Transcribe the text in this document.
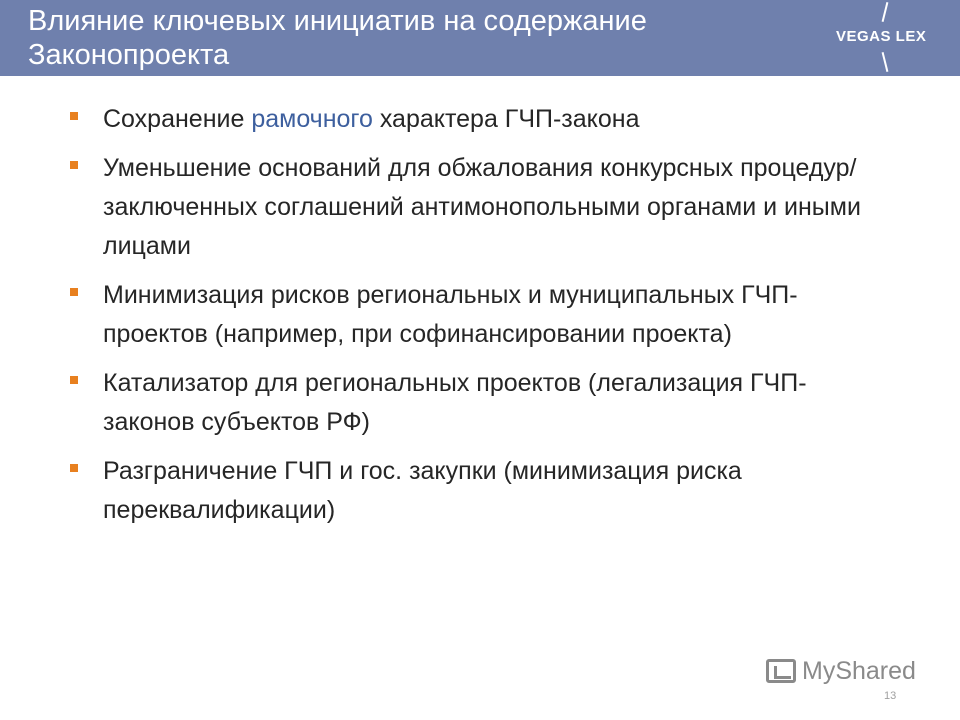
Влияние ключевых инициатив на содержание
Законопроекта
VEGAS LEX
Сохранение рамочного характера ГЧП-закона
Уменьшение оснований для обжалования конкурсных процедур/заключенных соглашений антимонопольными органами и иными лицами
Минимизация рисков региональных и муниципальных ГЧП-проектов (например, при софинансировании проекта)
Катализатор для региональных проектов (легализация ГЧП-законов субъектов РФ)
Разграничение ГЧП и гос. закупки (минимизация риска переквалификации)
MyShared
13
